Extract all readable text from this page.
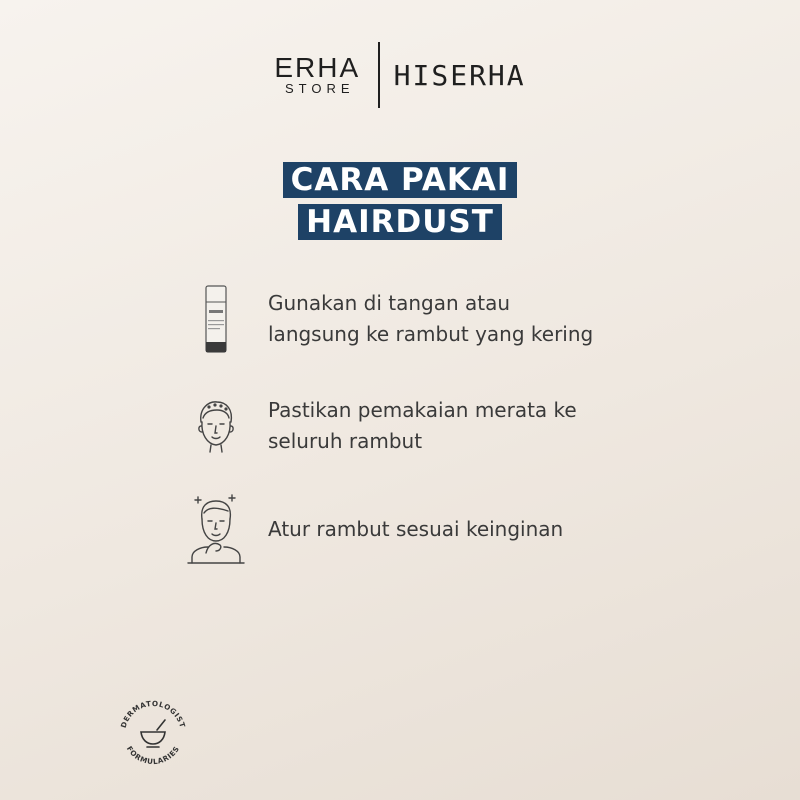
ERHA
STORE HISERHA
CARA PAKAI
HAIRDUST
Gunakan di tangan atau
langsung ke rambut yang kering
Pastikan pemakaian merata ke
seluruh rambut
Atur rambut sesuai keinginan
DERMATOLOGIST
FORMULARIES
